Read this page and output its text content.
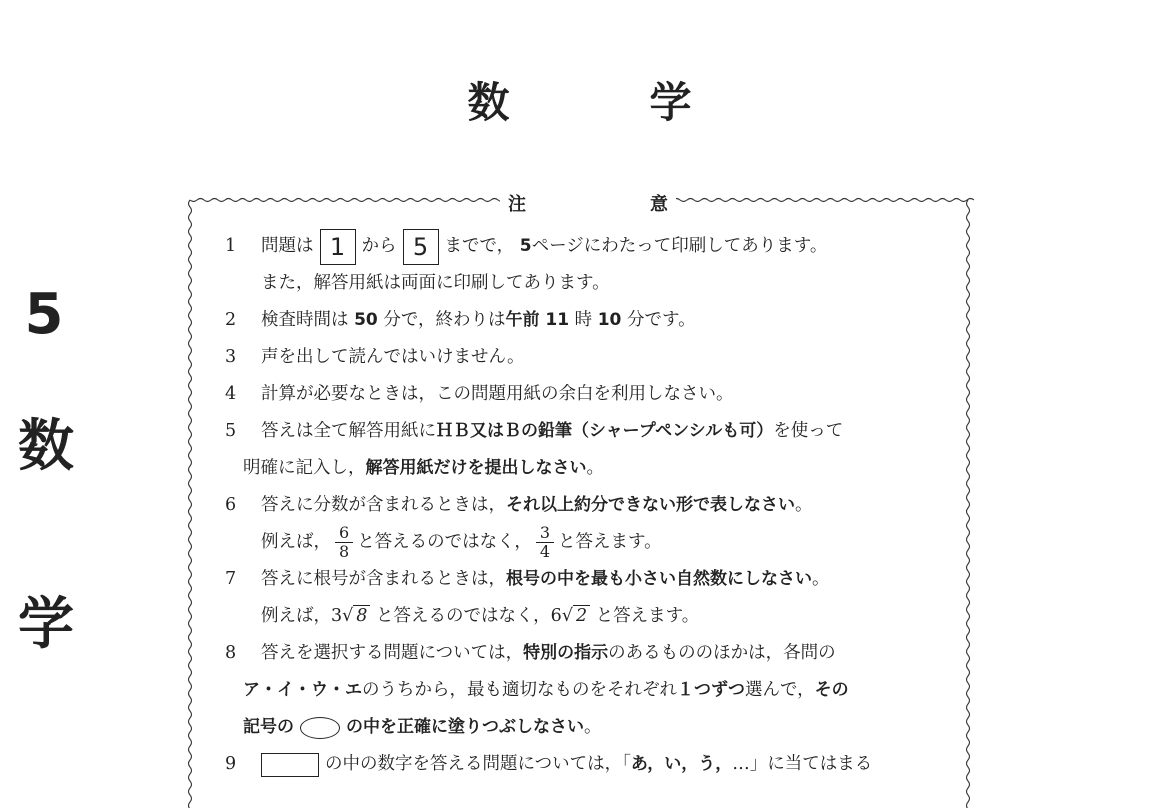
数	学
5
数
学
注	意
1 問題は 1 から 5 までで， 5ページにわたって印刷してあります。
また，解答用紙は両面に印刷してあります。
2 検査時間は 50 分で，終わりは午前 11 時 10 分です。
3 声を出して読んではいけません。
4 計算が必要なときは，この問題用紙の余白を利用しなさい。
5 答えは全て解答用紙にＨＢ又はＢの鉛筆（シャープペンシルも可）を使って
明確に記入し，解答用紙だけを提出しなさい。
6 答えに分数が含まれるときは，それ以上約分できない形で表しなさい。
例えば， $\frac{6}{8}$ と答えるのではなく， $\frac{3}{4}$ と答えます。
7 答えに根号が含まれるときは，根号の中を最も小さい自然数にしなさい。
例えば，3√ 8 と答えるのではなく，6√ 2 と答えます。
8 答えを選択する問題については，特別の指示のあるもののほかは，各問の
ア・イ・ウ・エのうちから，最も適切なものをそれぞれ１つずつ選んで，その
記号の	の中を正確に塗りつぶしなさい。
9	の中の数字を答える問題については，「あ，い，う，…」に当てはまる
